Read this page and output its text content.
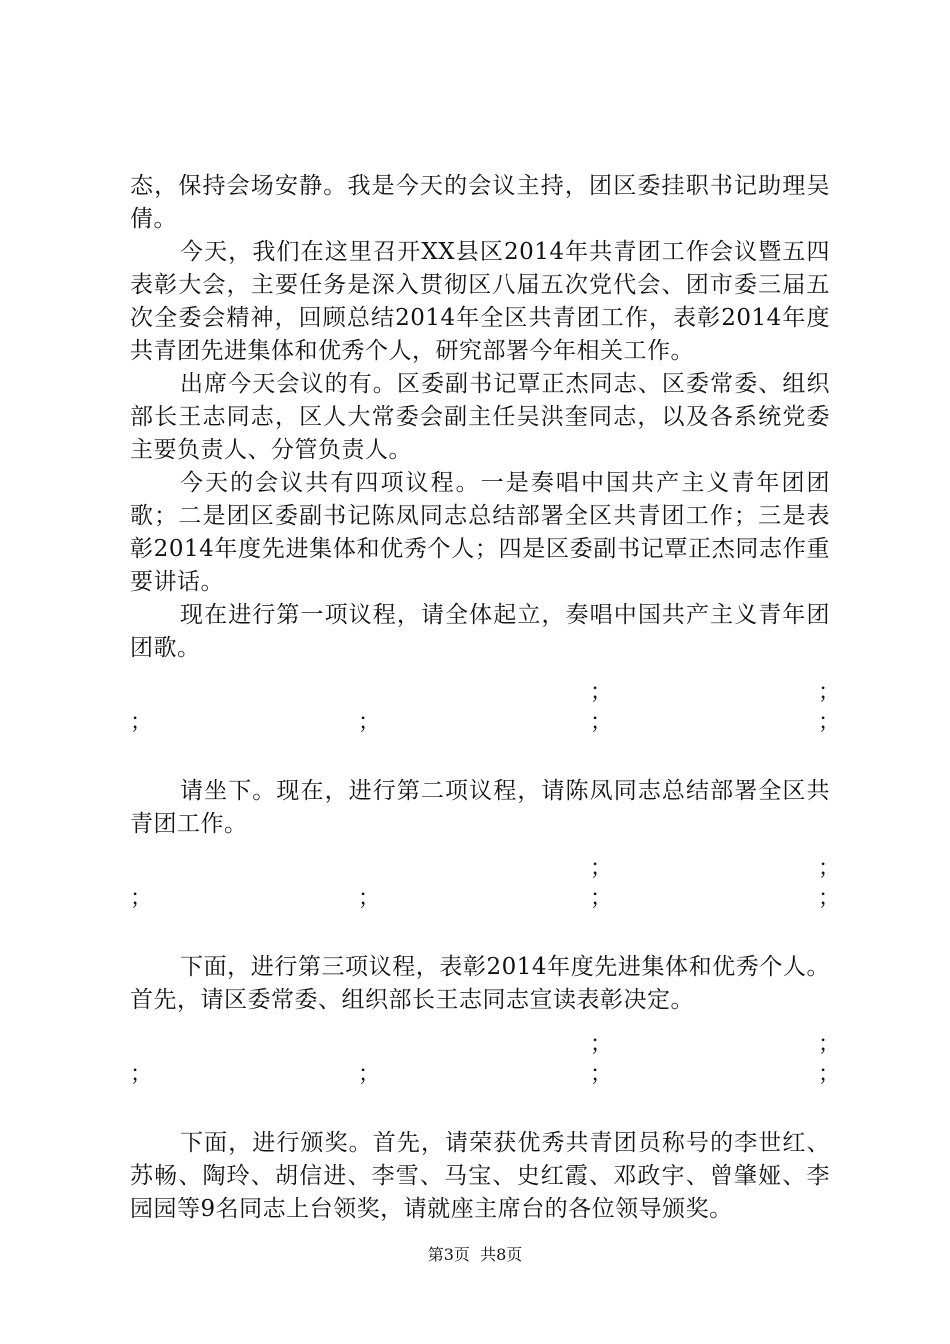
态，保持会场安静。我是今天的会议主持，团区委挂职书记助理吴倩。

今天，我们在这里召开XX县区2014年共青团工作会议暨五四表彰大会，主要任务是深入贯彻区八届五次党代会、团市委三届五次全委会精神，回顾总结2014年全区共青团工作，表彰2014年度共青团先进集体和优秀个人，研究部署今年相关工作。

出席今天会议的有。区委副书记覃正杰同志、区委常委、组织部长王志同志，区人大常委会副主任吴洪奎同志，以及各系统党委主要负责人、分管负责人。

今天的会议共有四项议程。一是奏唱中国共产主义青年团团歌；二是团区委副书记陈凤同志总结部署全区共青团工作；三是表彰2014年度先进集体和优秀个人；四是区委副书记覃正杰同志作重要讲话。

现在进行第一项议程，请全体起立，奏唱中国共产主义青年团团歌。

；	；
；	；	；	；

请坐下。现在，进行第二项议程，请陈凤同志总结部署全区共青团工作。

；	；
；	；	；	；

下面，进行第三项议程，表彰2014年度先进集体和优秀个人。首先，请区委常委、组织部长王志同志宣读表彰决定。

；	；
；	；	；	；

下面，进行颁奖。首先，请荣获优秀共青团员称号的李世红、苏畅、陶玲、胡信进、李雪、马宝、史红霞、邓政宇、曾肇娅、李园园等9名同志上台领奖，请就座主席台的各位领导颁奖。

第3页 共8页
